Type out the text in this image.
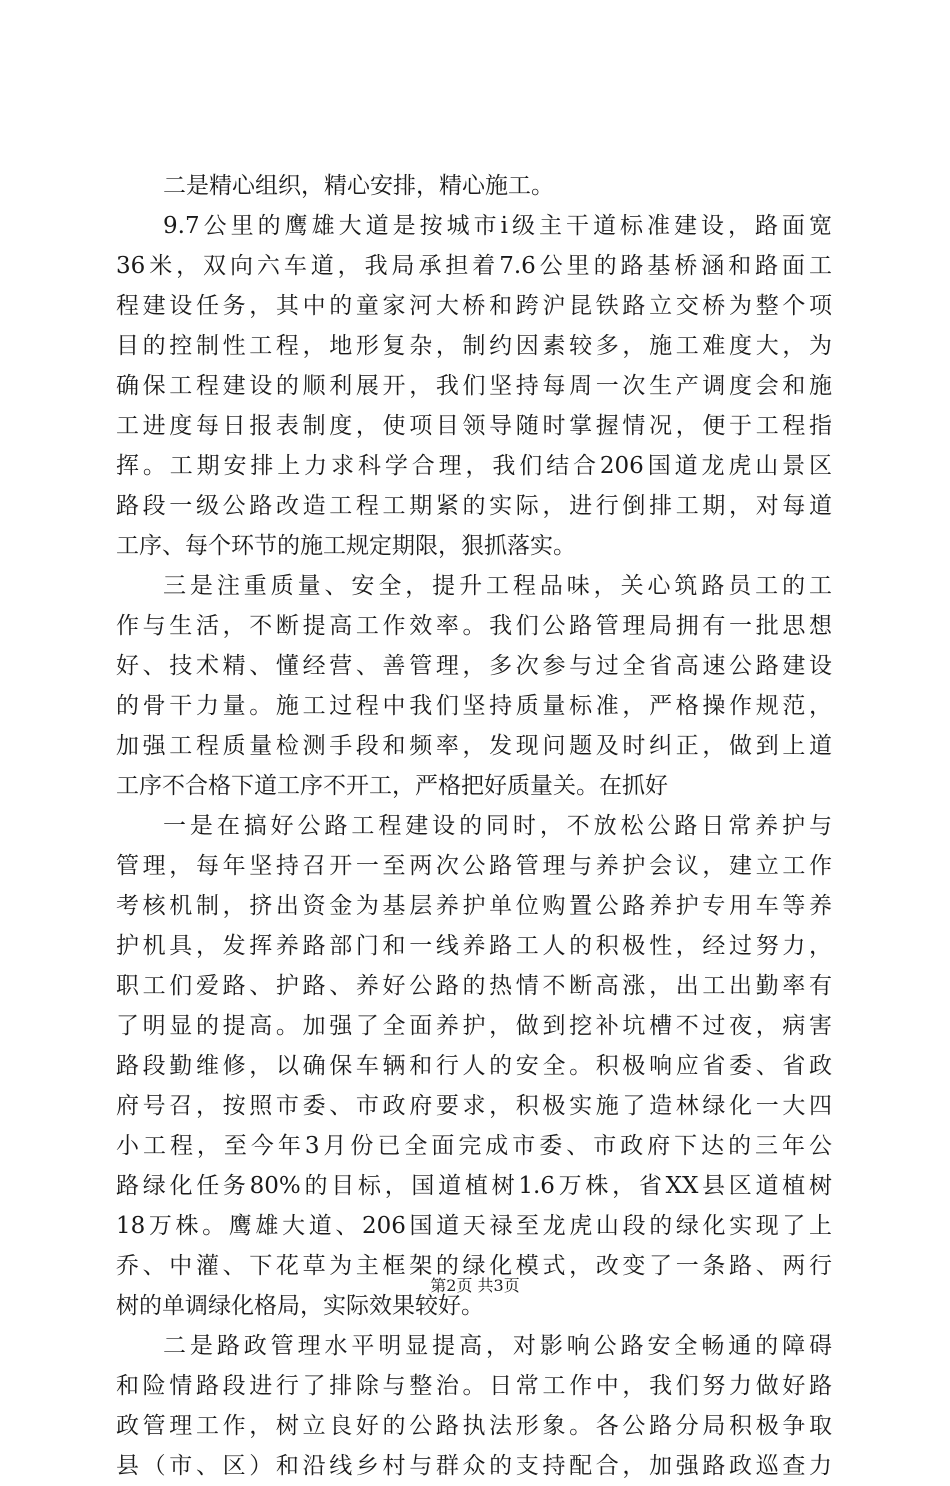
二是精心组织，精心安排，精心施工。
9.7公里的鹰雄大道是按城市ⅰ级主干道标准建设，路面宽
36米，双向六车道，我局承担着7.6公里的路基桥涵和路面工
程建设任务，其中的童家河大桥和跨沪昆铁路立交桥为整个项
目的控制性工程，地形复杂，制约因素较多，施工难度大，为
确保工程建设的顺利展开，我们坚持每周一次生产调度会和施
工进度每日报表制度，使项目领导随时掌握情况，便于工程指
挥。工期安排上力求科学合理，我们结合206国道龙虎山景区
路段一级公路改造工程工期紧的实际，进行倒排工期，对每道
工序、每个环节的施工规定期限，狠抓落实。
三是注重质量、安全，提升工程品味，关心筑路员工的工
作与生活，不断提高工作效率。我们公路管理局拥有一批思想
好、技术精、懂经营、善管理，多次参与过全省高速公路建设
的骨干力量。施工过程中我们坚持质量标准，严格操作规范，
加强工程质量检测手段和频率，发现问题及时纠正，做到上道
工序不合格下道工序不开工，严格把好质量关。在抓好
一是在搞好公路工程建设的同时，不放松公路日常养护与
管理，每年坚持召开一至两次公路管理与养护会议，建立工作
考核机制，挤出资金为基层养护单位购置公路养护专用车等养
护机具，发挥养路部门和一线养路工人的积极性，经过努力，
职工们爱路、护路、养好公路的热情不断高涨，出工出勤率有
了明显的提高。加强了全面养护，做到挖补坑槽不过夜，病害
路段勤维修，以确保车辆和行人的安全。积极响应省委、省政
府号召，按照市委、市政府要求，积极实施了造林绿化一大四
小工程，至今年3月份已全面完成市委、市政府下达的三年公
路绿化任务80%的目标，国道植树1.6万株，省XX县区道植树
18万株。鹰雄大道、206国道天禄至龙虎山段的绿化实现了上
乔、中灌、下花草为主框架的绿化模式，改变了一条路、两行
树的单调绿化格局，实际效果较好。
二是路政管理水平明显提高，对影响公路安全畅通的障碍
和险情路段进行了排除与整治。日常工作中，我们努力做好路
政管理工作，树立良好的公路执法形象。各公路分局积极争取
县（市、区）和沿线乡村与群众的支持配合，加强路政巡查力
第2页 共3页
